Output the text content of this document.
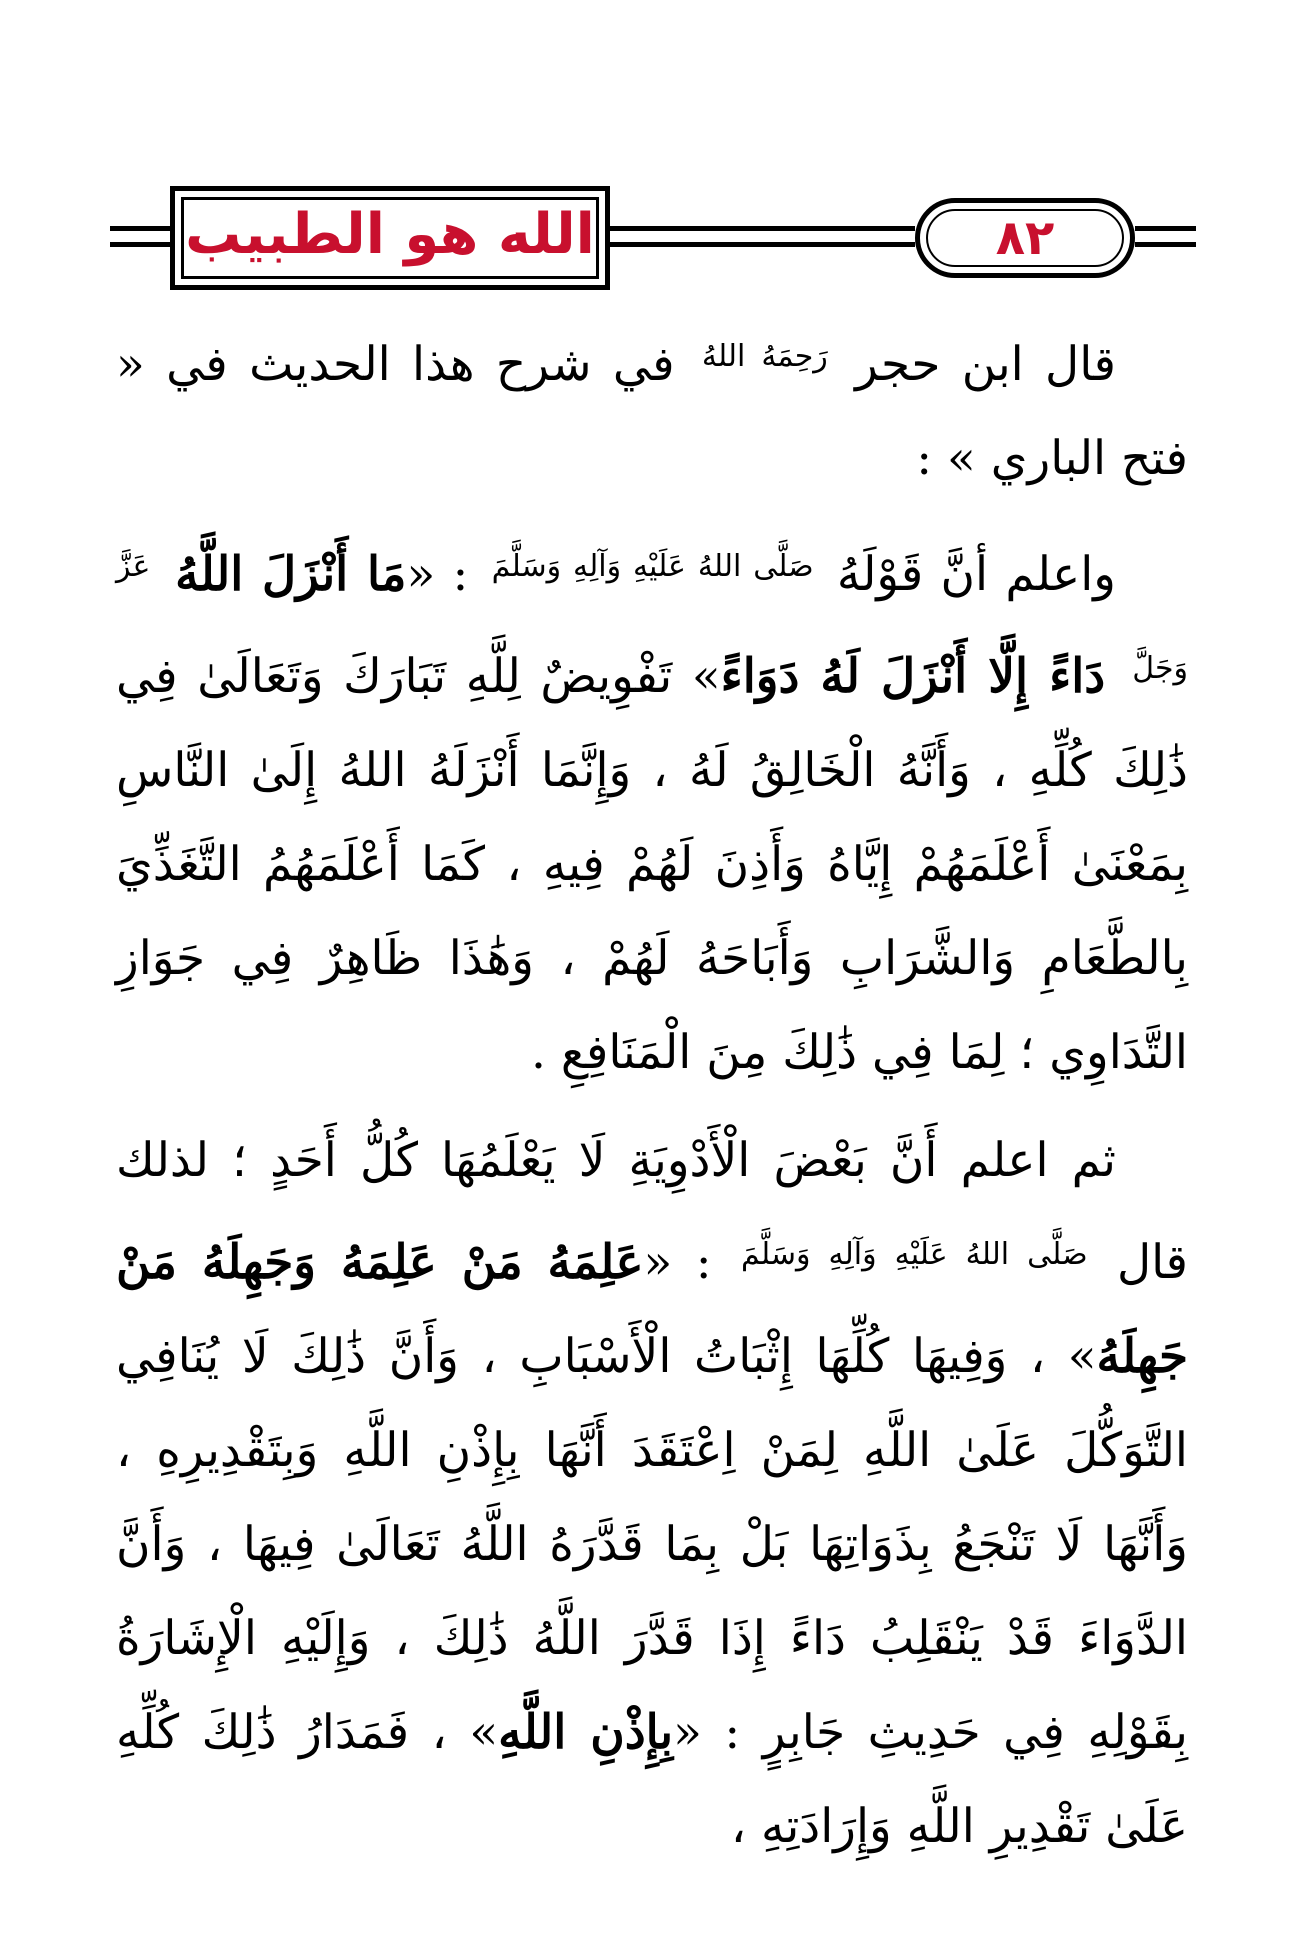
الله هو الطبيب	٨٢

قال ابن حجر $^{رَحِمَهُ اللهُ}$ في شرح هذا الحديث في « فتح الباري » :

واعلم أنَّ قَوْلَهُ $^{صَلَّى اللهُ عَلَيْهِ وَآلِهِ وَسَلَّمَ}$ : «مَا أَنْزَلَ اللَّهُ $^{عَزَّ وَجَلَّ}$ دَاءً إِلَّا أَنْزَلَ لَهُ دَوَاءً» تَفْوِيضٌ لِلَّهِ تَبَارَكَ وَتَعَالَىٰ فِي ذَٰلِكَ كُلِّهِ ، وَأَنَّهُ الْخَالِقُ لَهُ ، وَإِنَّمَا أَنْزَلَهُ اللهُ إِلَىٰ النَّاسِ بِمَعْنَىٰ أَعْلَمَهُمْ إِيَّاهُ وَأَذِنَ لَهُمْ فِيهِ ، كَمَا أَعْلَمَهُمُ التَّغَذِّيَ بِالطَّعَامِ وَالشَّرَابِ وَأَبَاحَهُ لَهُمْ ، وَهَٰذَا ظَاهِرٌ فِي جَوَازِ التَّدَاوِي ؛ لِمَا فِي ذَٰلِكَ مِنَ الْمَنَافِعِ .

ثم اعلم أَنَّ بَعْضَ الْأَدْوِيَةِ لَا يَعْلَمُهَا كُلُّ أَحَدٍ ؛ لذلك قال $^{صَلَّى اللهُ عَلَيْهِ وَآلِهِ وَسَلَّمَ}$ : «عَلِمَهُ مَنْ عَلِمَهُ وَجَهِلَهُ مَنْ جَهِلَهُ» ، وَفِيهَا كُلِّهَا إِثْبَاتُ الْأَسْبَابِ ، وَأَنَّ ذَٰلِكَ لَا يُنَافِي التَّوَكُّلَ عَلَىٰ اللَّهِ لِمَنْ اِعْتَقَدَ أَنَّهَا بِإِذْنِ اللَّهِ وَبِتَقْدِيرِهِ ، وَأَنَّهَا لَا تَنْجَعُ بِذَوَاتِهَا بَلْ بِمَا قَدَّرَهُ اللَّهُ تَعَالَىٰ فِيهَا ، وَأَنَّ الدَّوَاءَ قَدْ يَنْقَلِبُ دَاءً إِذَا قَدَّرَ اللَّهُ ذَٰلِكَ ، وَإِلَيْهِ الْإِشَارَةُ بِقَوْلِهِ فِي حَدِيثِ جَابِرٍ : «بِإِذْنِ اللَّهِ» ، فَمَدَارُ ذَٰلِكَ كُلِّهِ عَلَىٰ تَقْدِيرِ اللَّهِ وَإِرَادَتِهِ ،
